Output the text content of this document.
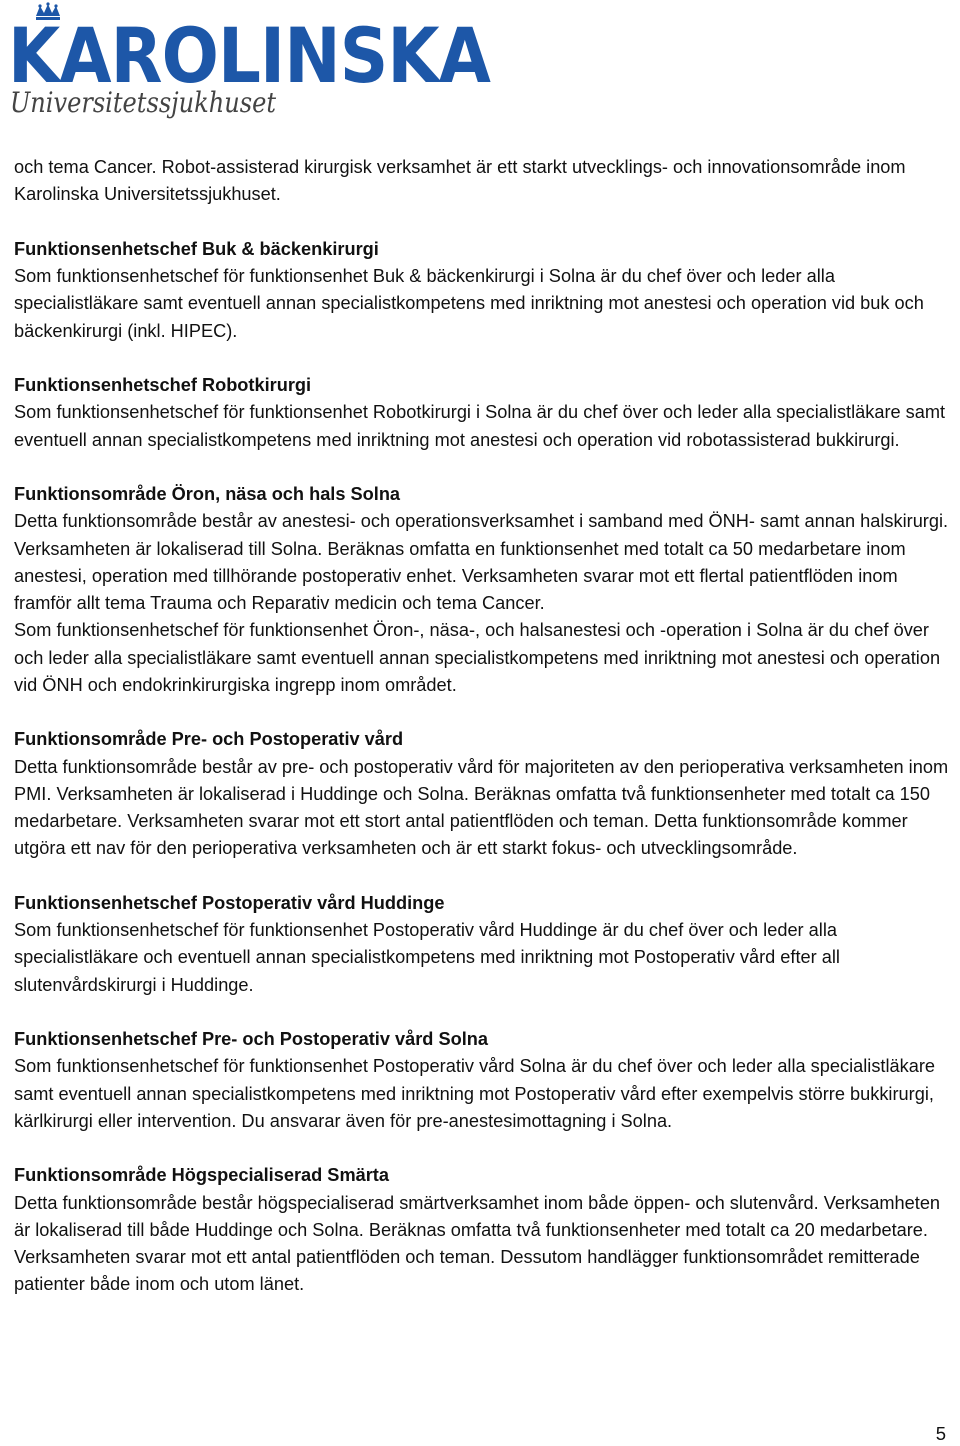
KAROLINSKA
Universitetssjukhuset

och tema Cancer. Robot-assisterad kirurgisk verksamhet är ett starkt utvecklings- och innovationsområde inom Karolinska Universitetssjukhuset.

Funktionsenhetschef Buk & bäckenkirurgi

Som funktionsenhetschef för funktionsenhet Buk & bäckenkirurgi i Solna är du chef över och leder alla specialistläkare samt eventuell annan specialistkompetens med inriktning mot anestesi och operation vid buk och bäckenkirurgi (inkl. HIPEC).

Funktionsenhetschef Robotkirurgi

Som funktionsenhetschef för funktionsenhet Robotkirurgi i Solna är du chef över och leder alla specialistläkare samt eventuell annan specialistkompetens med inriktning mot anestesi och operation vid robotassisterad bukkirurgi.

Funktionsområde Öron, näsa och hals Solna

Detta funktionsområde består av anestesi- och operationsverksamhet i samband med ÖNH- samt annan halskirurgi. Verksamheten är lokaliserad till Solna. Beräknas omfatta en funktionsenhet med totalt ca 50 medarbetare inom anestesi, operation med tillhörande postoperativ enhet. Verksamheten svarar mot ett flertal patientflöden inom framför allt tema Trauma och Reparativ medicin och tema Cancer.

Som funktionsenhetschef för funktionsenhet Öron-, näsa-, och halsanestesi och -operation i Solna är du chef över och leder alla specialistläkare samt eventuell annan specialistkompetens med inriktning mot anestesi och operation vid ÖNH och endokrinkirurgiska ingrepp inom området.

Funktionsområde Pre- och Postoperativ vård

Detta funktionsområde består av pre- och postoperativ vård för majoriteten av den perioperativa verksamheten inom PMI. Verksamheten är lokaliserad i Huddinge och Solna. Beräknas omfatta två funktionsenheter med totalt ca 150 medarbetare. Verksamheten svarar mot ett stort antal patientflöden och teman. Detta funktionsområde kommer utgöra ett nav för den perioperativa verksamheten och är ett starkt fokus- och utvecklingsområde.

Funktionsenhetschef Postoperativ vård Huddinge

Som funktionsenhetschef för funktionsenhet Postoperativ vård Huddinge är du chef över och leder alla specialistläkare och eventuell annan specialistkompetens med inriktning mot Postoperativ vård efter all slutenvårdskirurgi i Huddinge.

Funktionsenhetschef Pre- och Postoperativ vård Solna

Som funktionsenhetschef för funktionsenhet Postoperativ vård Solna är du chef över och leder alla specialistläkare samt eventuell annan specialistkompetens med inriktning mot Postoperativ vård efter exempelvis större bukkirurgi, kärlkirurgi eller intervention. Du ansvarar även för pre-anestesimottagning i Solna.

Funktionsområde Högspecialiserad Smärta

Detta funktionsområde består högspecialiserad smärtverksamhet inom både öppen- och slutenvård. Verksamheten är lokaliserad till både Huddinge och Solna. Beräknas omfatta två funktionsenheter med totalt ca 20 medarbetare. Verksamheten svarar mot ett antal patientflöden och teman. Dessutom handlägger funktionsområdet remitterade patienter både inom och utom länet.

5
